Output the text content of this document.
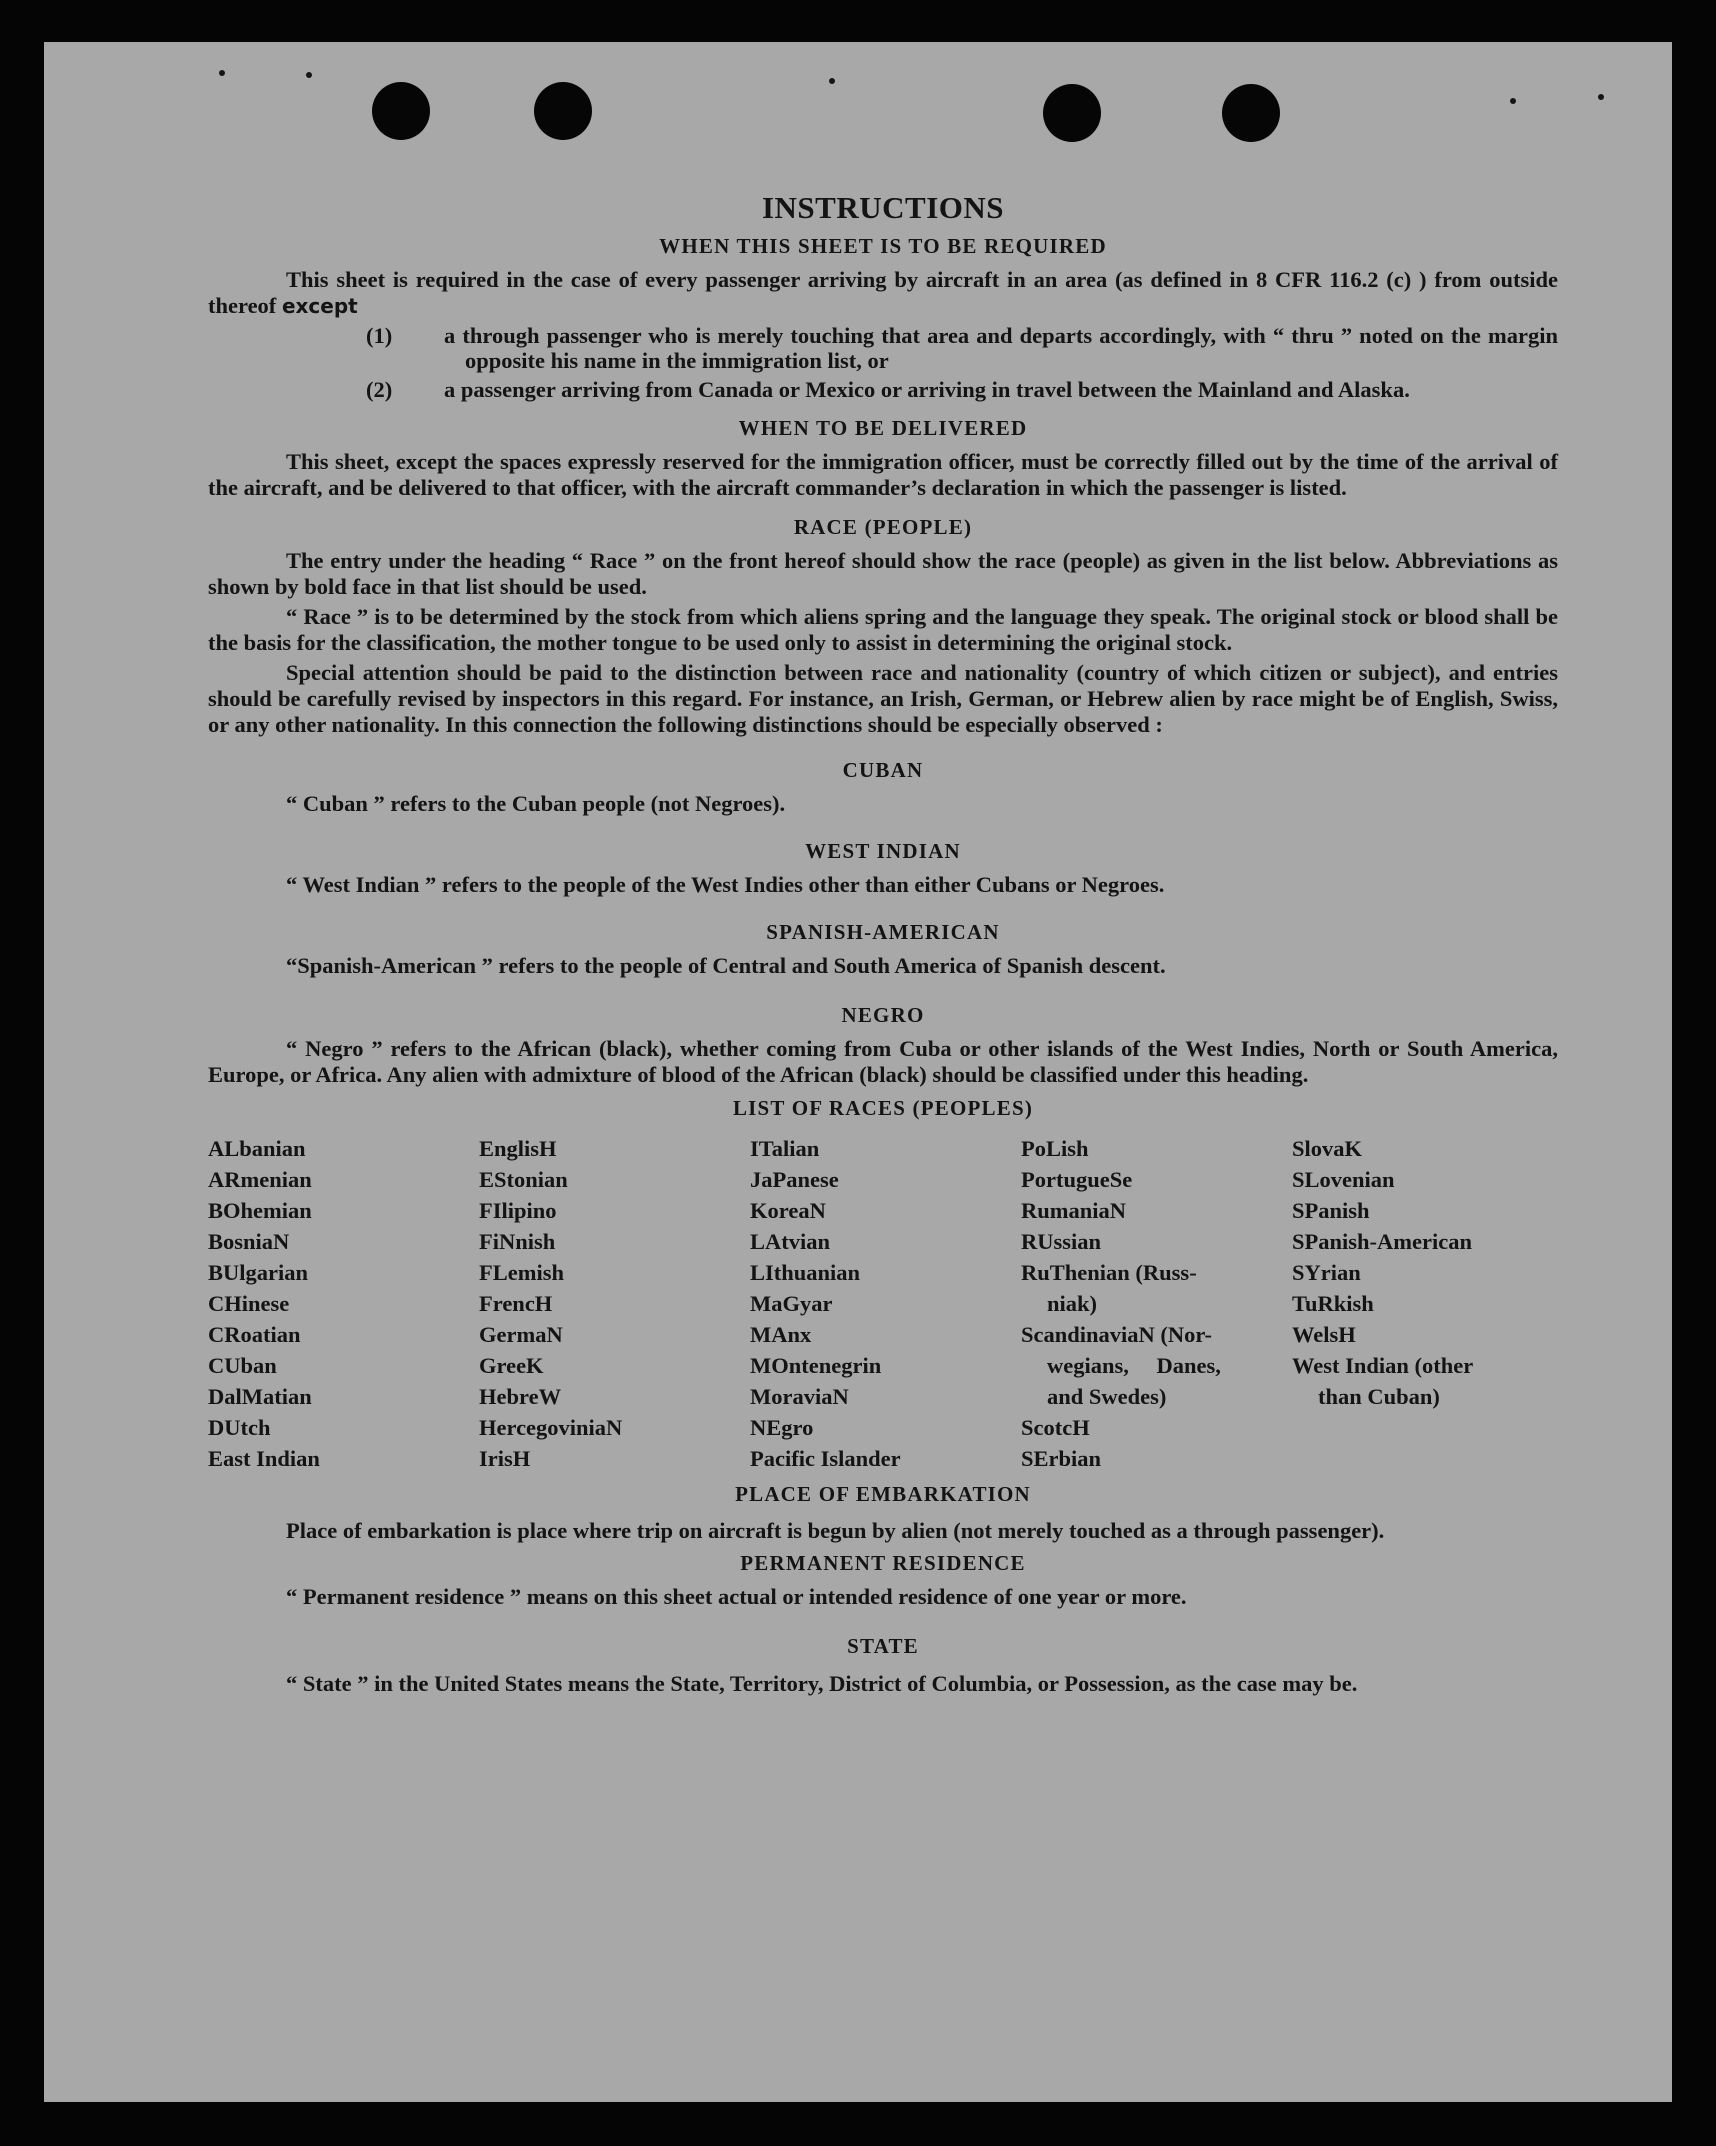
INSTRUCTIONS
WHEN THIS SHEET IS TO BE REQUIRED
This sheet is required in the case of every passenger arriving by aircraft in an area (as defined in 8 CFR 116.2 (c) ) from outside thereof except
(1) a through passenger who is merely touching that area and departs accordingly, with “ thru ” noted on the margin opposite his name in the immigration list, or
(2) a passenger arriving from Canada or Mexico or arriving in travel between the Mainland and Alaska.
WHEN TO BE DELIVERED
This sheet, except the spaces expressly reserved for the immigration officer, must be correctly filled out by the time of the arrival of the aircraft, and be delivered to that officer, with the aircraft commander’s declaration in which the passenger is listed.
RACE (PEOPLE)
The entry under the heading “ Race ” on the front hereof should show the race (people) as given in the list below. Abbreviations as shown by bold face in that list should be used.
“ Race ” is to be determined by the stock from which aliens spring and the language they speak. The original stock or blood shall be the basis for the classification, the mother tongue to be used only to assist in determining the original stock.
Special attention should be paid to the distinction between race and nationality (country of which citizen or subject), and entries should be carefully revised by inspectors in this regard. For instance, an Irish, German, or Hebrew alien by race might be of English, Swiss, or any other nationality. In this connection the following distinctions should be especially observed :
CUBAN
“ Cuban ” refers to the Cuban people (not Negroes).
WEST INDIAN
“ West Indian ” refers to the people of the West Indies other than either Cubans or Negroes.
SPANISH-AMERICAN
“Spanish-American ” refers to the people of Central and South America of Spanish descent.
NEGRO
“ Negro ” refers to the African (black), whether coming from Cuba or other islands of the West Indies, North or South America, Europe, or Africa. Any alien with admixture of blood of the African (black) should be classified under this heading.
LIST OF RACES (PEOPLES)
ALbanian
ARmenian
BOhemian
BosniaN
BUlgarian
CHinese
CRoatian
CUban
DalMatian
DUtch
East Indian
EnglisH
EStonian
FIlipino
FiNnish
FLemish
FrencH
GermaN
GreeK
HebreW
HercegoviniaN
IrisH
ITalian
JaPanese
KoreaN
LAtvian
LIthuanian
MaGyar
MAnx
MOntenegrin
MoraviaN
NEgro
Pacific Islander
PoLish
PortugueSe
RumaniaN
RUssian
RuThenian (Russ-
niak)
ScandinaviaN (Nor-
wegians, Danes,
and Swedes)
ScotcH
SErbian
SlovaK
SLovenian
SPanish
SPanish-American
SYrian
TuRkish
WelsH
West Indian (other
than Cuban)
PLACE OF EMBARKATION
Place of embarkation is place where trip on aircraft is begun by alien (not merely touched as a through passenger).
PERMANENT RESIDENCE
“ Permanent residence ” means on this sheet actual or intended residence of one year or more.
STATE
“ State ” in the United States means the State, Territory, District of Columbia, or Possession, as the case may be.
